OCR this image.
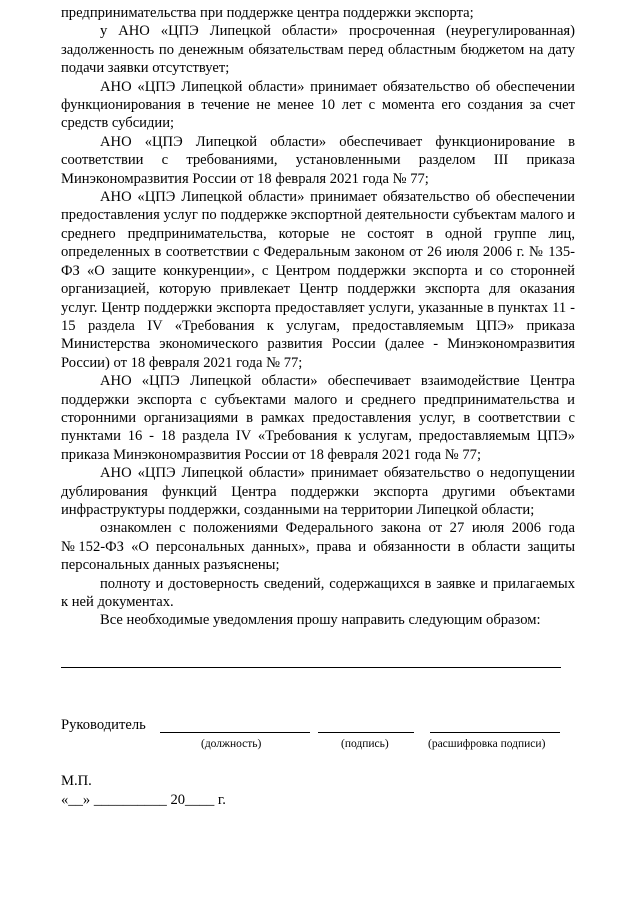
предпринимательства при поддержке центра поддержки экспорта;

у АНО «ЦПЭ Липецкой области» просроченная (неурегулированная) задолженность по денежным обязательствам перед областным бюджетом на дату подачи заявки отсутствует;

АНО «ЦПЭ Липецкой области» принимает обязательство об обеспечении функционирования в течение не менее 10 лет с момента его создания за счет средств субсидии;

АНО «ЦПЭ Липецкой области» обеспечивает функционирование в соответствии с требованиями, установленными разделом III приказа Минэкономразвития России от 18 февраля 2021 года № 77;

АНО «ЦПЭ Липецкой области» принимает обязательство об обеспечении предоставления услуг по поддержке экспортной деятельности субъектам малого и среднего предпринимательства, которые не состоят в одной группе лиц, определенных в соответствии с Федеральным законом от 26 июля 2006 г. № 135-ФЗ «О защите конкуренции», с Центром поддержки экспорта и со сторонней организацией, которую привлекает Центр поддержки экспорта для оказания услуг. Центр поддержки экспорта предоставляет услуги, указанные в пунктах 11 - 15 раздела IV «Требования к услугам, предоставляемым ЦПЭ» приказа Министерства экономического развития России (далее - Минэкономразвития России) от 18 февраля 2021 года № 77;

АНО «ЦПЭ Липецкой области» обеспечивает взаимодействие Центра поддержки экспорта с субъектами малого и среднего предпринимательства и сторонними организациями в рамках предоставления услуг, в соответствии с пунктами 16 - 18 раздела IV «Требования к услугам, предоставляемым ЦПЭ» приказа Минэкономразвития России от 18 февраля 2021 года № 77;

АНО «ЦПЭ Липецкой области» принимает обязательство о недопущении дублирования функций Центра поддержки экспорта другими объектами инфраструктуры поддержки, созданными на территории Липецкой области;

ознакомлен с положениями Федерального закона от 27 июля 2006 года №152-ФЗ «О персональных данных», права и обязанности в области защиты персональных данных разъяснены;

полноту и достоверность сведений, содержащихся в заявке и прилагаемых к ней документах.

Все необходимые уведомления прошу направить следующим образом:

Руководитель
(должность)	(подпись)	(расшифровка подписи)
М.П.
«__» __________ 20____ г.
